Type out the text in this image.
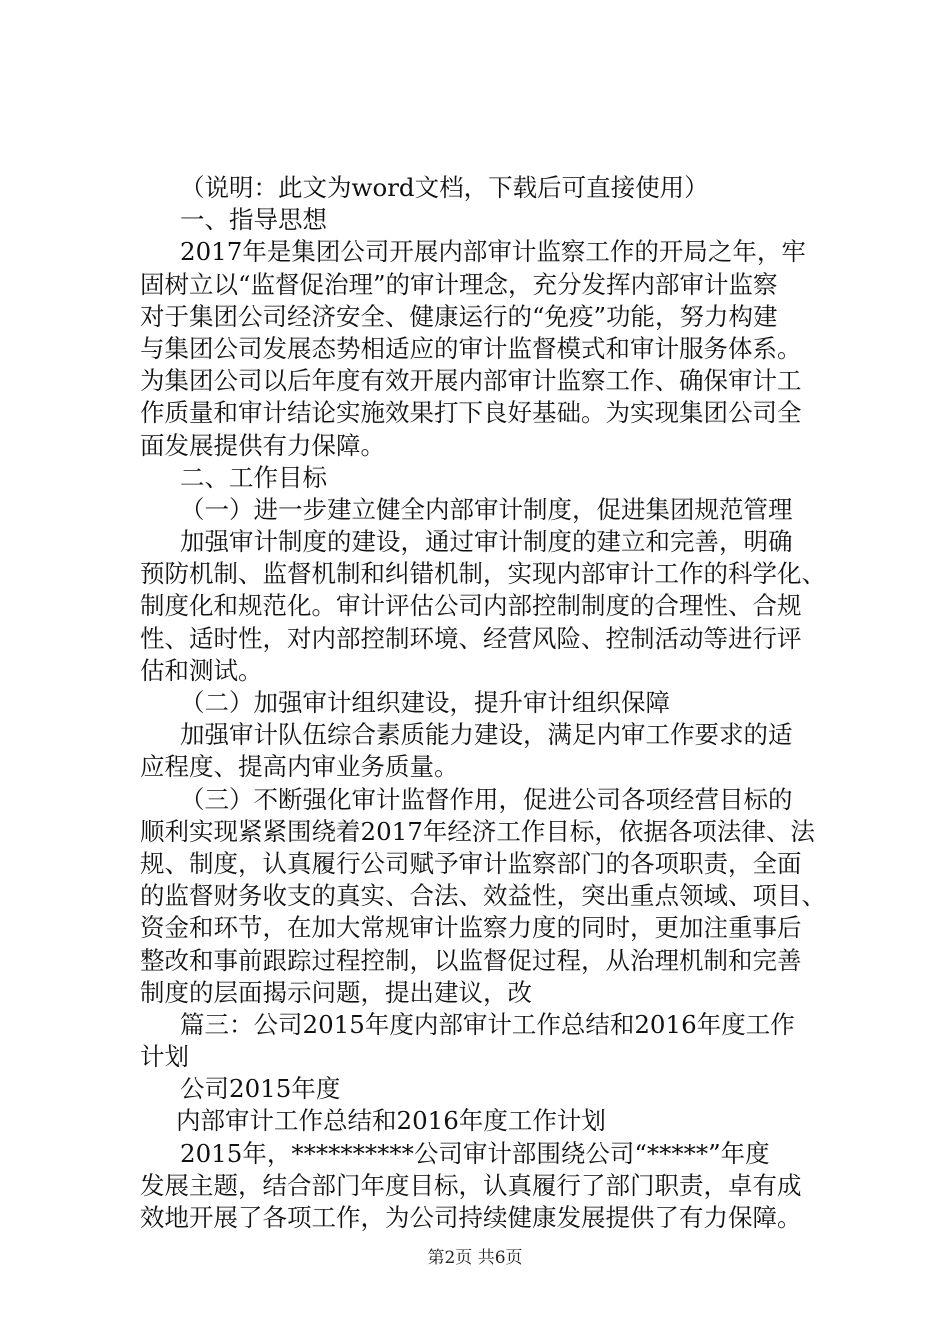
（说明：此文为word文档，下载后可直接使用）
一、指导思想
2017年是集团公司开展内部审计监察工作的开局之年，牢
固树立以“监督促治理”的审计理念，充分发挥内部审计监察
对于集团公司经济安全、健康运行的“免疫”功能，努力构建
与集团公司发展态势相适应的审计监督模式和审计服务体系。
为集团公司以后年度有效开展内部审计监察工作、确保审计工
作质量和审计结论实施效果打下良好基础。为实现集团公司全
面发展提供有力保障。
二、工作目标
（一）进一步建立健全内部审计制度，促进集团规范管理
加强审计制度的建设，通过审计制度的建立和完善，明确
预防机制、监督机制和纠错机制，实现内部审计工作的科学化、
制度化和规范化。审计评估公司内部控制制度的合理性、合规
性、适时性，对内部控制环境、经营风险、控制活动等进行评
估和测试。
（二）加强审计组织建设，提升审计组织保障
加强审计队伍综合素质能力建设，满足内审工作要求的适
应程度、提高内审业务质量。
（三）不断强化审计监督作用，促进公司各项经营目标的
顺利实现紧紧围绕着2017年经济工作目标，依据各项法律、法
规、制度，认真履行公司赋予审计监察部门的各项职责，全面
的监督财务收支的真实、合法、效益性，突出重点领域、项目、
资金和环节，在加大常规审计监察力度的同时，更加注重事后
整改和事前跟踪过程控制，以监督促过程，从治理机制和完善
制度的层面揭示问题，提出建议，改
篇三：公司2015年度内部审计工作总结和2016年度工作
计划
公司2015年度
内部审计工作总结和2016年度工作计划
2015年，**********公司审计部围绕公司“*****”年度
发展主题，结合部门年度目标，认真履行了部门职责，卓有成
效地开展了各项工作，为公司持续健康发展提供了有力保障。
第2页 共6页
